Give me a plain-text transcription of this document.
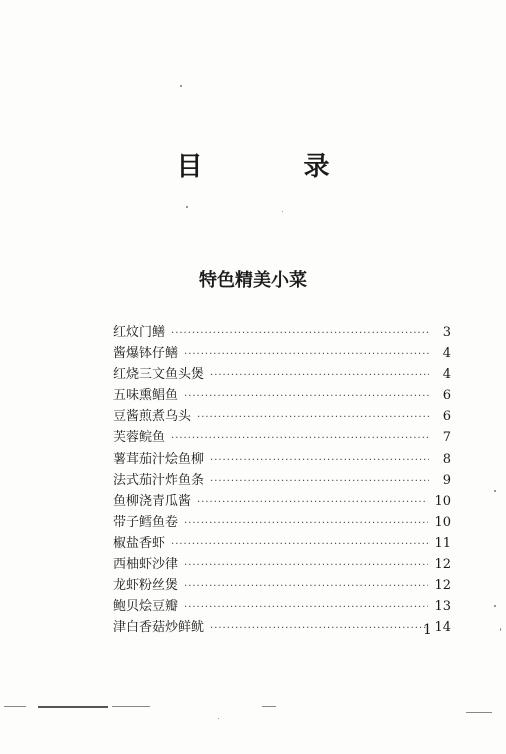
目 录
特色精美小菜
红炆门鳝 ·····	3
酱爆钵仔鳝 ·····	4
红烧三文鱼头煲 ·····	4
五味熏鲳鱼 ·····	6
豆酱煎煮乌头 ·····	6
芙蓉鲩鱼 ·····	7
薯茸茄汁烩鱼柳 ·····	8
法式茄汁炸鱼条 ·····	9
鱼柳浇青瓜酱 ·····	10
带子鳕鱼卷 ·····	10
椒盐香虾 ·····	11
西柚虾沙律 ·····	12
龙虾粉丝煲 ·····	12
鲍贝烩豆瓣 ·····	13
津白香菇炒鲜鱿 ·····	14
1
